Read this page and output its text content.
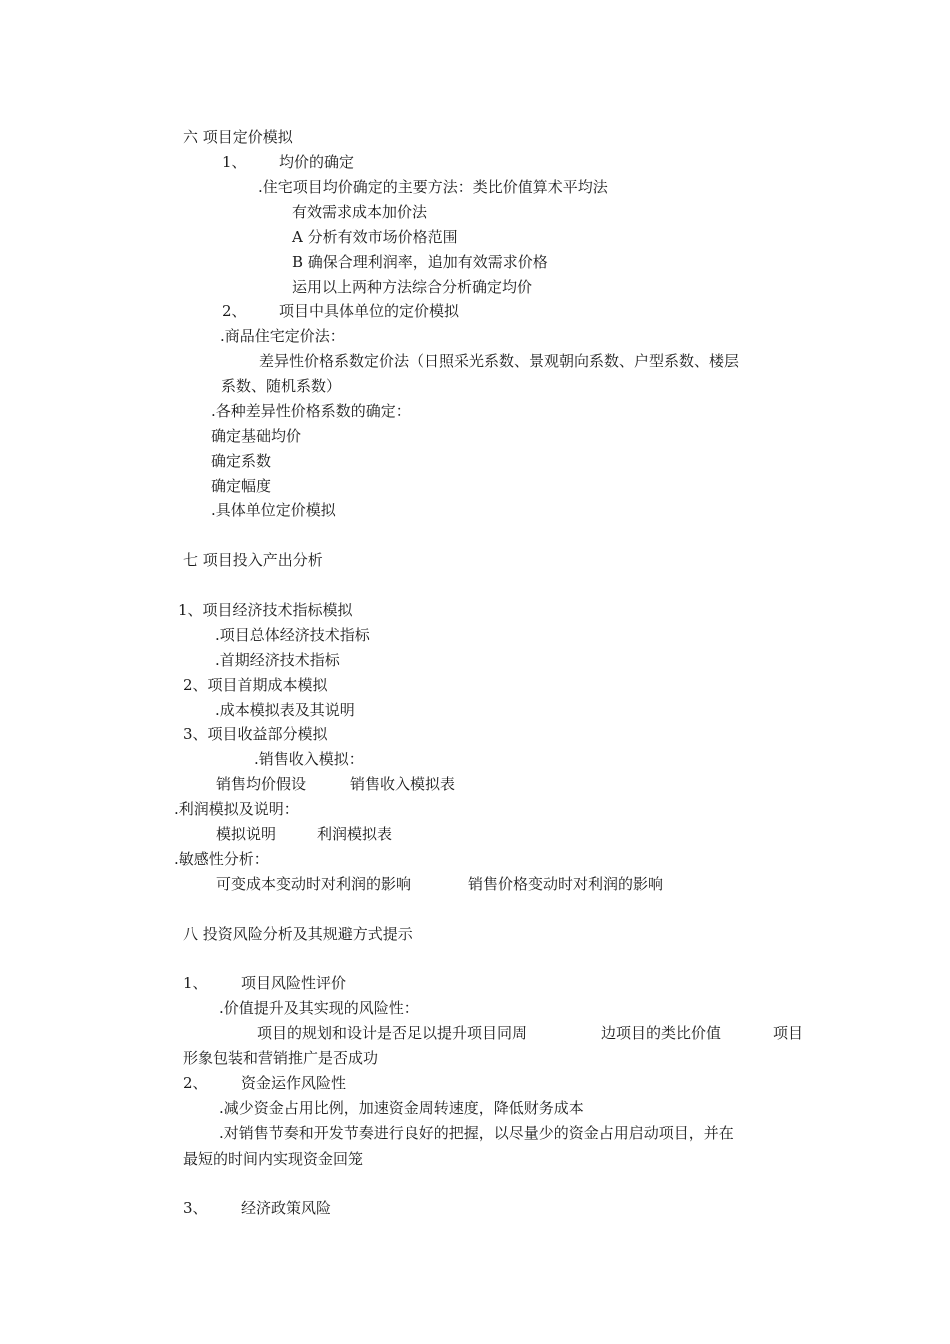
六 项目定价模拟
1、 均价的确定
.住宅项目均价确定的主要方法：类比价值算术平均法
有效需求成本加价法
A 分析有效市场价格范围
B 确保合理利润率，追加有效需求价格
运用以上两种方法综合分析确定均价
2、 项目中具体单位的定价模拟
.商品住宅定价法：
差异性价格系数定价法（日照采光系数、景观朝向系数、户型系数、楼层
系数、随机系数）
.各种差异性价格系数的确定：
确定基础均价
确定系数
确定幅度
.具体单位定价模拟
七 项目投入产出分析
1、项目经济技术指标模拟
.项目总体经济技术指标
.首期经济技术指标
2、项目首期成本模拟
.成本模拟表及其说明
3、项目收益部分模拟
.销售收入模拟：
销售均价假设	销售收入模拟表
.利润模拟及说明：
模拟说明	利润模拟表
.敏感性分析：
可变成本变动时对利润的影响	销售价格变动时对利润的影响
八 投资风险分析及其规避方式提示
1、 项目风险性评价
.价值提升及其实现的风险性：
项目的规划和设计是否足以提升项目同周	边项目的类比价值	项目
形象包装和营销推广是否成功
2、 资金运作风险性
.减少资金占用比例，加速资金周转速度，降低财务成本
.对销售节奏和开发节奏进行良好的把握，以尽量少的资金占用启动项目，并在
最短的时间内实现资金回笼
3、 经济政策风险
